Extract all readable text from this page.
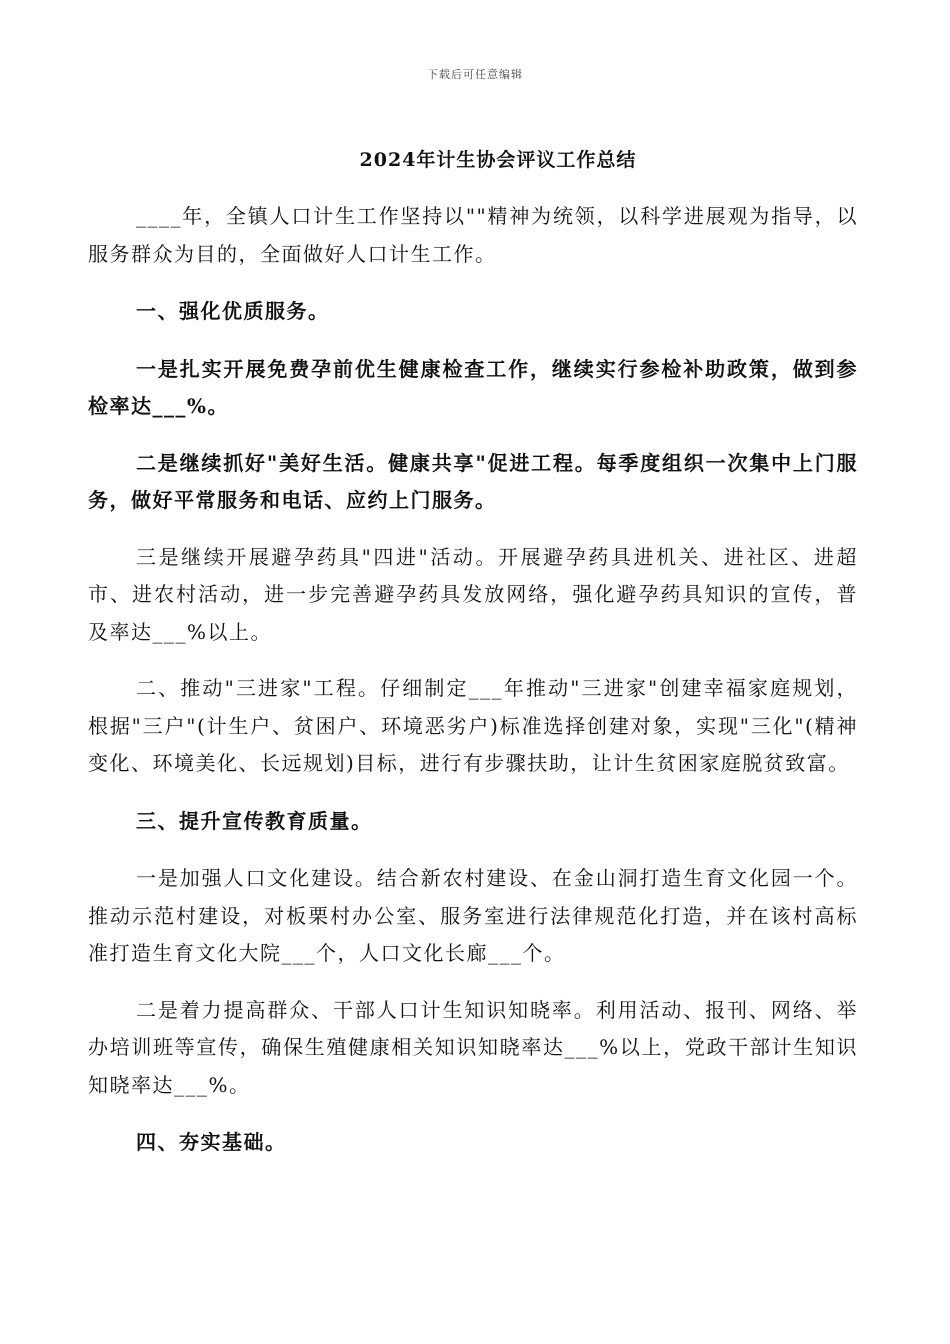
下载后可任意编辑
2024年计生协会评议工作总结

____年，全镇人口计生工作坚持以""精神为统领，以科学进展观为指导，以服务群众为目的，全面做好人口计生工作。

一、强化优质服务。

一是扎实开展免费孕前优生健康检查工作，继续实行参检补助政策，做到参检率达___%。

二是继续抓好"美好生活。健康共享"促进工程。每季度组织一次集中上门服务，做好平常服务和电话、应约上门服务。

三是继续开展避孕药具"四进"活动。开展避孕药具进机关、进社区、进超市、进农村活动，进一步完善避孕药具发放网络，强化避孕药具知识的宣传，普及率达___%以上。

二、推动"三进家"工程。仔细制定___年推动"三进家"创建幸福家庭规划，根据"三户"(计生户、贫困户、环境恶劣户)标准选择创建对象，实现"三化"(精神变化、环境美化、长远规划)目标，进行有步骤扶助，让计生贫困家庭脱贫致富。

三、提升宣传教育质量。

一是加强人口文化建设。结合新农村建设、在金山洞打造生育文化园一个。推动示范村建设，对板栗村办公室、服务室进行法律规范化打造，并在该村高标准打造生育文化大院___个，人口文化长廊___个。

二是着力提高群众、干部人口计生知识知晓率。利用活动、报刊、网络、举办培训班等宣传，确保生殖健康相关知识知晓率达___%以上，党政干部计生知识知晓率达___%。

四、夯实基础。
